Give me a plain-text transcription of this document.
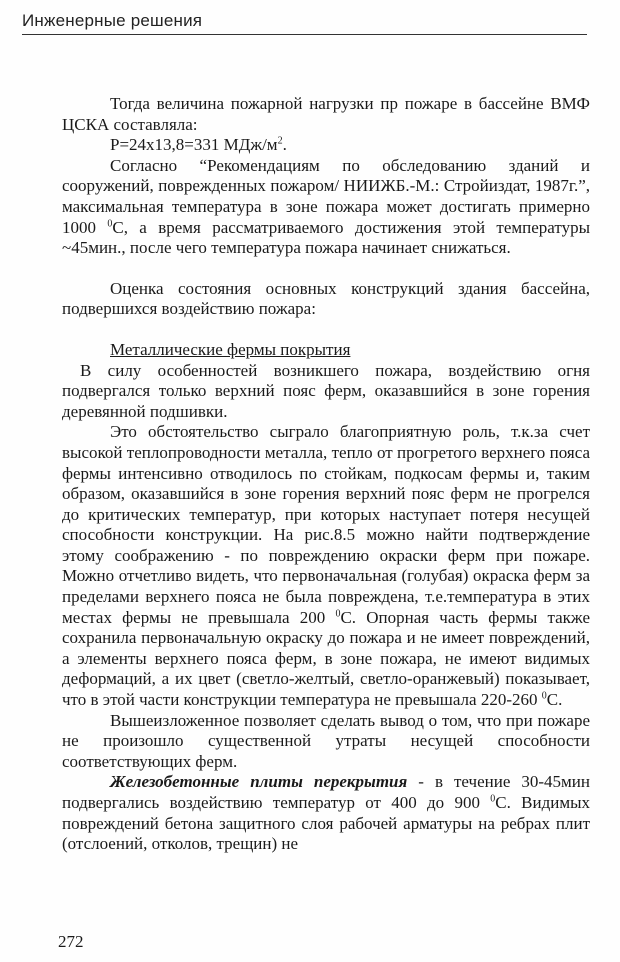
Инженерные решения

Тогда величина пожарной нагрузки пр пожаре в бассейне ВМФ ЦСКА составляла:

Р=24х13,8=331 МДж/$м^2$.

Согласно “Рекомендациям по обследованию зданий и сооружений, поврежденных пожаром/ НИИЖБ.-М.: Стройиздат, 1987г.”, максимальная температура в зоне пожара может достигать примерно 1000 $^0$С, а время рассматриваемого достижения этой температуры ~45мин., после чего температура пожара начинает снижаться.

Оценка состояния основных конструкций здания бассейна, подвершихся воздействию пожара:

Металлические фермы покрытия

В силу особенностей возникшего пожара, воздействию огня подвергался только верхний пояс ферм, оказавшийся в зоне горения деревянной подшивки.

Это обстоятельство сыграло благоприятную роль, т.к.за счет высокой теплопроводности металла, тепло от прогретого верхнего пояса фермы интенсивно отводилось по стойкам, подкосам фермы и, таким образом, оказавшийся в зоне горения верхний пояс ферм не прогрелся до критических температур, при которых наступает потеря несущей способности конструкции. На рис.8.5 можно найти подтверждение этому соображению - по повреждению окраски ферм при пожаре. Можно отчетливо видеть, что первоначальная (голубая) окраска ферм за пределами верхнего пояса не была повреждена, т.е.температура в этих местах фермы не превышала 200 $^0$С. Опорная часть фермы также сохранила первоначальную окраску до пожара и не имеет повреждений, а элементы верхнего пояса ферм, в зоне пожара, не имеют видимых деформаций, а их цвет (светло-желтый, светло-оранжевый) показывает, что в этой части конструкции температура не превышала 220-260 $^0$С.

Вышеизложенное позволяет сделать вывод о том, что при пожаре не произошло существенной утраты несущей способности соответствующих ферм.

Железобетонные плиты перекрытия - в течение 30-45мин подвергались воздействию температур от 400 до 900 $^0$С. Видимых повреждений бетона защитного слоя рабочей арматуры на ребрах плит (отслоений, отколов, трещин) не

272
